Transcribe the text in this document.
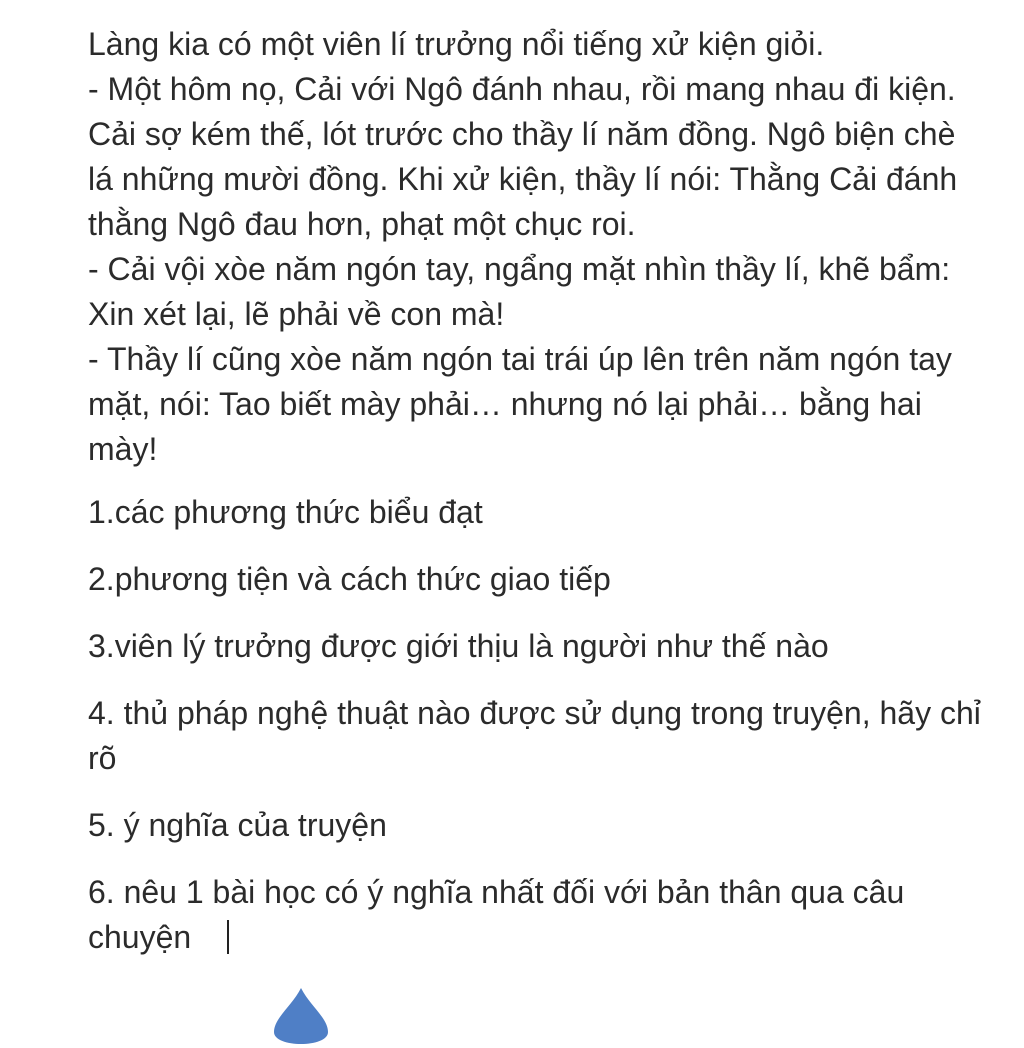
Làng kia có một viên lí trưởng nổi tiếng xử kiện giỏi.

- Một hôm nọ, Cải với Ngô đánh nhau, rồi mang nhau đi kiện. Cải sợ kém thế, lót trước cho thầy lí năm đồng. Ngô biện chè lá những mười đồng. Khi xử kiện, thầy lí nói: Thằng Cải đánh thằng Ngô đau hơn, phạt một chục roi.

- Cải vội xòe năm ngón tay, ngẩng mặt nhìn thầy lí, khẽ bẩm: Xin xét lại, lẽ phải về con mà!

- Thầy lí cũng xòe năm ngón tai trái úp lên trên năm ngón tay mặt, nói: Tao biết mày phải… nhưng nó lại phải… bằng hai mày!

1.các phương thức biểu đạt

2.phương tiện và cách thức giao tiếp

3.viên lý trưởng được giới thịu là người như thế nào

4. thủ pháp nghệ thuật nào được sử dụng trong truyện, hãy chỉ rõ

5. ý nghĩa của truyện

6. nêu 1 bài học có ý nghĩa nhất đối với bản thân qua câu chuyện
